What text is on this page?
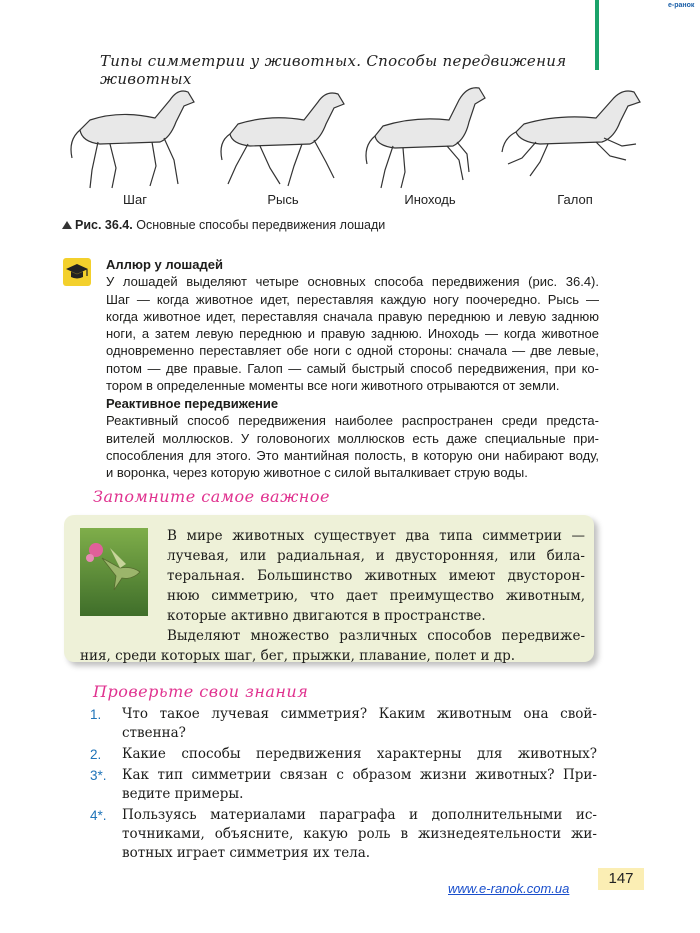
e-ранок
Типы симметрии у животных. Способы передвижения животных
Шаг	Рысь	Иноходь	Галоп
Рис. 36.4. Основные способы передвижения лошади
Аллюр у лошадей

У лошадей выделяют четыре основных способа передвижения (рис. 36.4).
Шаг — когда животное идет, переставляя каждую ногу поочередно. Рысь —
когда животное идет, переставляя сначала правую переднюю и левую заднюю
ноги, а затем левую переднюю и правую заднюю. Иноходь — когда животное
одновременно переставляет обе ноги с одной стороны: сначала — две левые,
потом — две правые. Галоп — самый быстрый способ передвижения, при ко-
тором в определенные моменты все ноги животного отрываются от земли.

Реактивное передвижение

Реактивный способ передвижения наиболее распространен среди предста-
вителей моллюсков. У головоногих моллюсков есть даже специальные при-
способления для этого. Это мантийная полость, в которую они набирают воду,
и воронка, через которую животное с силой выталкивает струю воды.

Запомните самое важное
В мире животных существует два типа симметрии —
лучевая, или радиальная, и двусторонняя, или била-
теральная. Большинство животных имеют двусторон-
нюю симметрию, что дает преимущество животным,
которые активно двигаются в пространстве.
Выделяют множество различных способов передвиже-
ния, среди которых шаг, бег, прыжки, плавание, полет и др.
Проверьте свои знания
1. Что такое лучевая симметрия? Каким животным она свой-
ственна?
2. Какие способы передвижения характерны для животных?
3*. Как тип симметрии связан с образом жизни животных? При-
ведите примеры.
4*. Пользуясь материалами параграфа и дополнительными ис-
точниками, объясните, какую роль в жизнедеятельности жи-
вотных играет симметрия их тела.
147
www.e-ranok.com.ua
